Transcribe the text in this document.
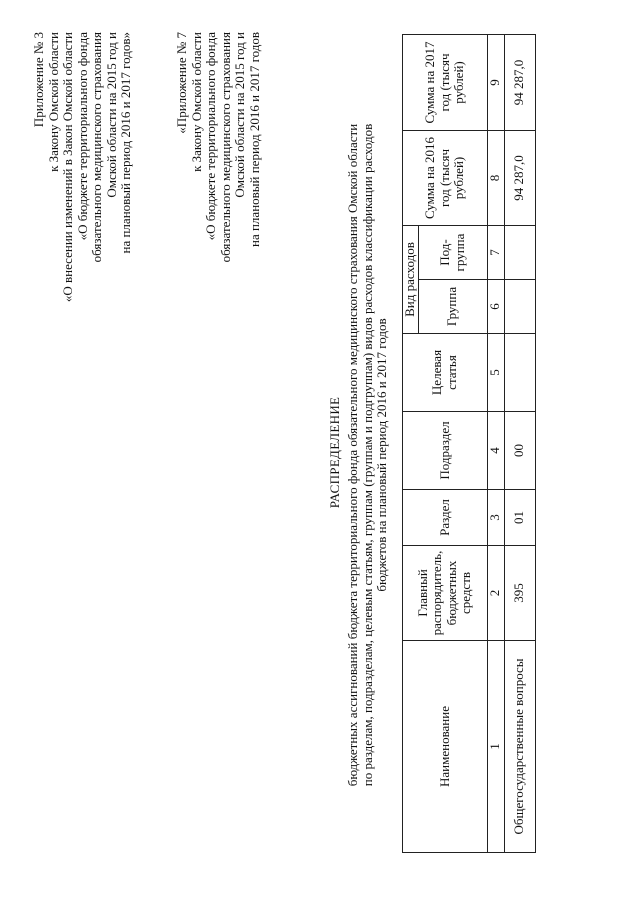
Приложение № 3 к Закону Омской области «О внесении изменений в Закон Омской области «О бюджете территориального фонда обязательного медицинского страхования Омской области на 2015 год и на плановый период 2016 и 2017 годов»	«Приложение № 7 к Закону Омской области «О бюджете территориального фонда обязательного медицинского страхования Омской области на 2015 год и на плановый период 2016 и 2017 годов
РАСПРЕДЕЛЕНИЕ бюджетных ассигнований бюджета территориального фонда обязательного медицинского страхования Омской области по разделам, подразделам, целевым статьям, группам (группам и подгруппам) видов расходов классификации расходов бюджетов на плановый период 2016 и 2017 годов
Наименование	Главный распорядитель, бюджетных средств	Раздел	Подраздел	Целевая статья	Вид расходов		Сумма на 2016 год (тысяч рублей)	Сумма на 2017 год (тысяч рублей)
					Группа	Под-группа		
1	2	3	4	5	6	7	8	9
Общегосударственные вопросы	395	01	00				94 287,0	94 287,0
